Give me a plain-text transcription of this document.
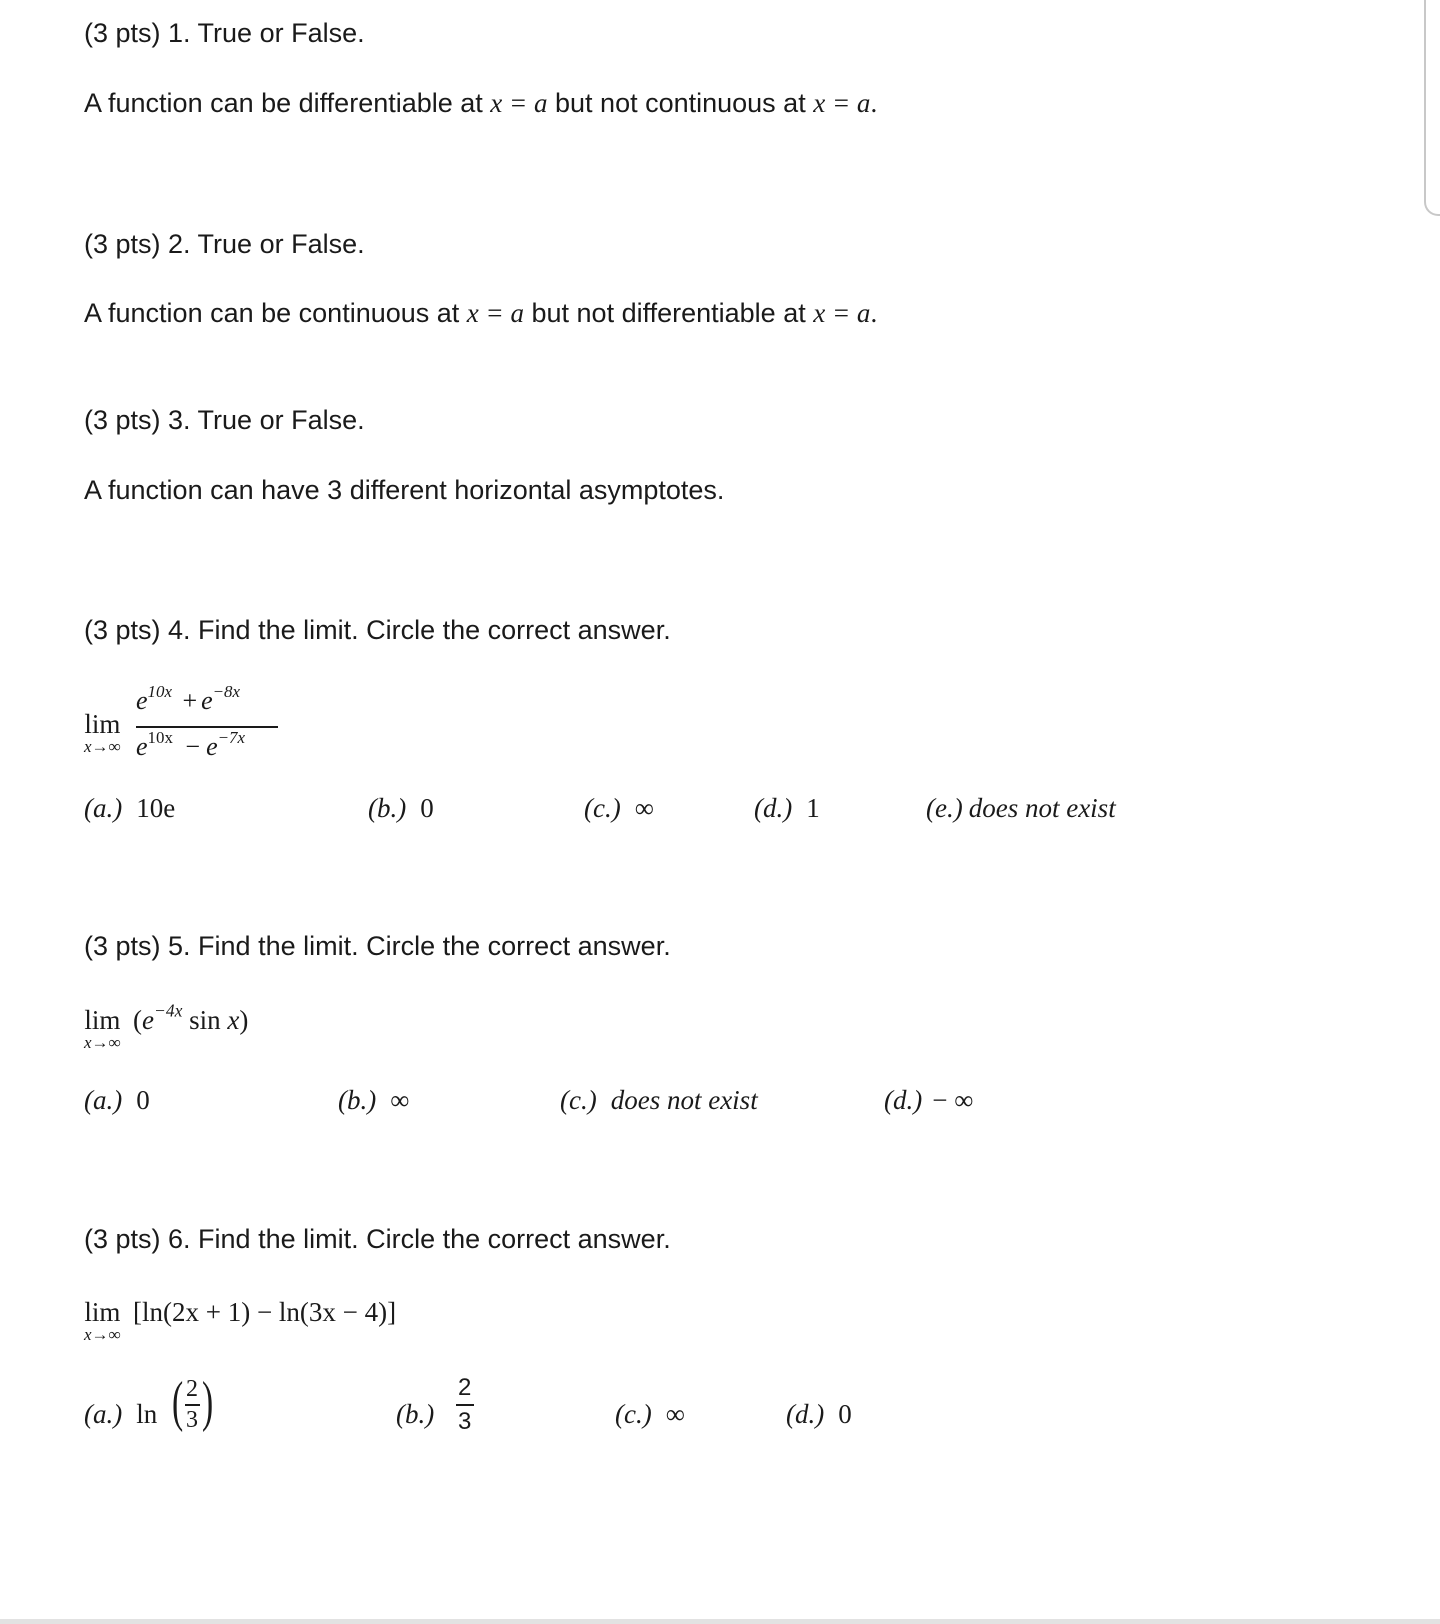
(3 pts) 1. True or False.
A function can be differentiable at x = a but not continuous at x = a.
(3 pts) 2. True or False.
A function can be continuous at x = a but not differentiable at x = a.
(3 pts) 3. True or False.
A function can have 3 different horizontal asymptotes.
(3 pts) 4. Find the limit. Circle the correct answer.
lim
x→∞
$e^{10x} + e^{-8x}$
$e^{10x} - e^{-7x}$
(a.) 10e	(b.) 0	(c.) ∞	(d.) 1	(e.) does not exist
(3 pts) 5. Find the limit. Circle the correct answer.
lim
x→∞
($e^{-4x}$ sin x)
(a.) 0	(b.) ∞	(c.) does not exist	(d.) − ∞
(3 pts) 6. Find the limit. Circle the correct answer.
lim
x→∞
[ln(2x + 1) − ln(3x − 4)]
(a.) ln ( 2
3 )	(b.)
2
3	(c.) ∞	(d.) 0
